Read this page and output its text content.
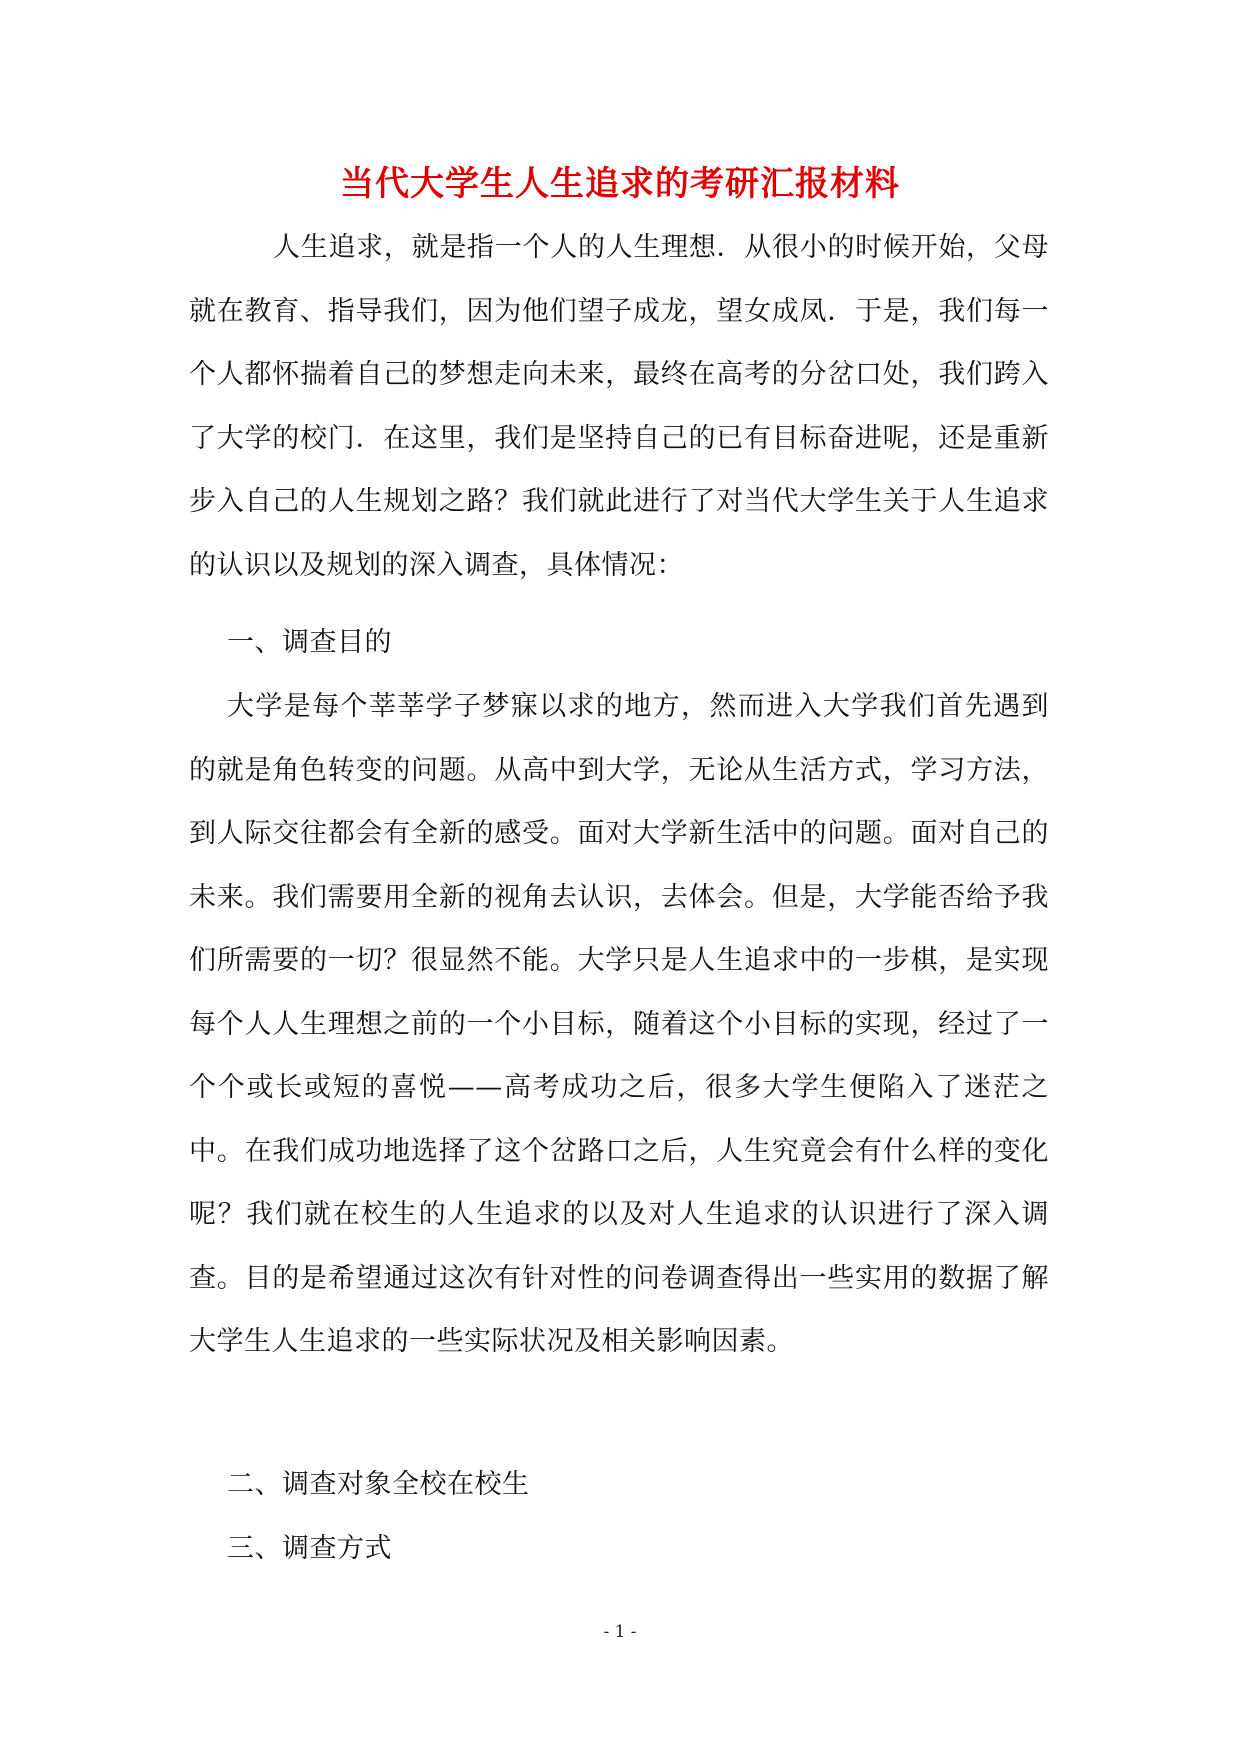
当代大学生人生追求的考研汇报材料

人生追求，就是指一个人的人生理想．从很小的时候开始，父母就在教育、指导我们，因为他们望子成龙，望女成凤．于是，我们每一个人都怀揣着自己的梦想走向未来，最终在高考的分岔口处，我们跨入了大学的校门．在这里，我们是坚持自己的已有目标奋进呢，还是重新步入自己的人生规划之路？我们就此进行了对当代大学生关于人生追求的认识以及规划的深入调查，具体情况：

一、调查目的

大学是每个莘莘学子梦寐以求的地方，然而进入大学我们首先遇到的就是角色转变的问题。从高中到大学，无论从生活方式，学习方法，到人际交往都会有全新的感受。面对大学新生活中的问题。面对自己的未来。我们需要用全新的视角去认识，去体会。但是，大学能否给予我们所需要的一切？很显然不能。大学只是人生追求中的一步棋，是实现每个人人生理想之前的一个小目标，随着这个小目标的实现，经过了一个个或长或短的喜悦——高考成功之后，很多大学生便陷入了迷茫之中。在我们成功地选择了这个岔路口之后，人生究竟会有什么样的变化呢？我们就在校生的人生追求的以及对人生追求的认识进行了深入调查。目的是希望通过这次有针对性的问卷调查得出一些实用的数据了解大学生人生追求的一些实际状况及相关影响因素。

二、调查对象全校在校生

三、调查方式

- 1 -
